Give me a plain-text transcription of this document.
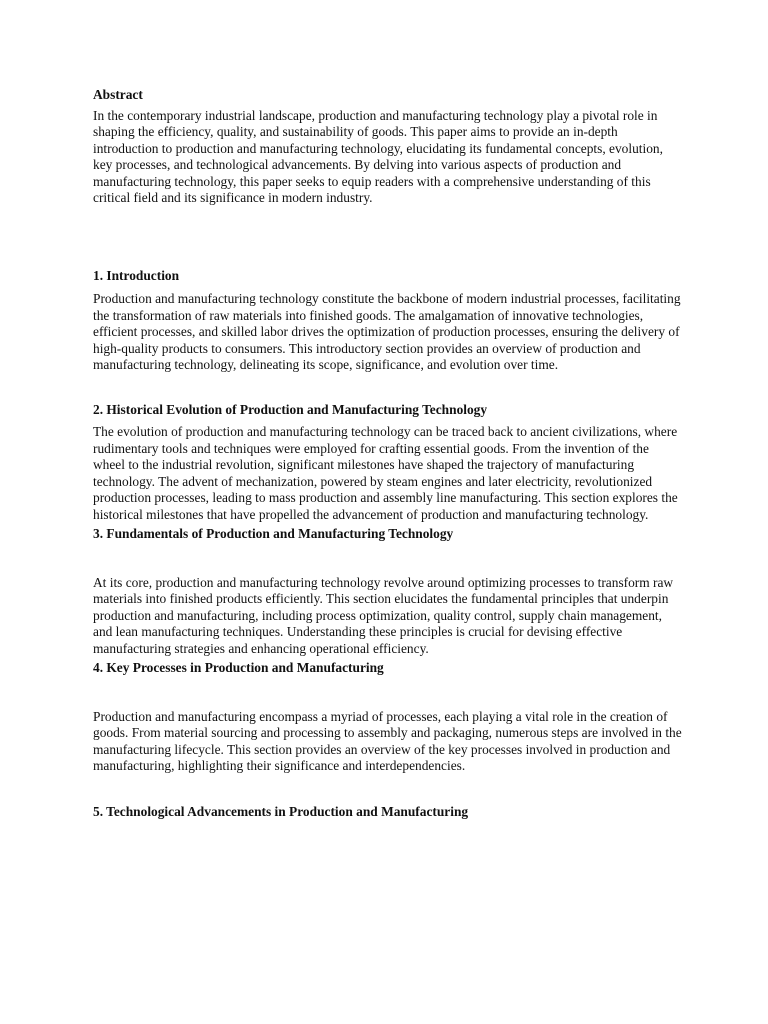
Abstract

In the contemporary industrial landscape, production and manufacturing technology play a pivotal role in shaping the efficiency, quality, and sustainability of goods. This paper aims to provide an in-depth introduction to production and manufacturing technology, elucidating its fundamental concepts, evolution, key processes, and technological advancements. By delving into various aspects of production and manufacturing technology, this paper seeks to equip readers with a comprehensive understanding of this critical field and its significance in modern industry.

1. Introduction

Production and manufacturing technology constitute the backbone of modern industrial processes, facilitating the transformation of raw materials into finished goods. The amalgamation of innovative technologies, efficient processes, and skilled labor drives the optimization of production processes, ensuring the delivery of high-quality products to consumers. This introductory section provides an overview of production and manufacturing technology, delineating its scope, significance, and evolution over time.

2. Historical Evolution of Production and Manufacturing Technology

The evolution of production and manufacturing technology can be traced back to ancient civilizations, where rudimentary tools and techniques were employed for crafting essential goods. From the invention of the wheel to the industrial revolution, significant milestones have shaped the trajectory of manufacturing technology. The advent of mechanization, powered by steam engines and later electricity, revolutionized production processes, leading to mass production and assembly line manufacturing. This section explores the historical milestones that have propelled the advancement of production and manufacturing technology.

3. Fundamentals of Production and Manufacturing Technology

At its core, production and manufacturing technology revolve around optimizing processes to transform raw materials into finished products efficiently. This section elucidates the fundamental principles that underpin production and manufacturing, including process optimization, quality control, supply chain management, and lean manufacturing techniques. Understanding these principles is crucial for devising effective manufacturing strategies and enhancing operational efficiency.

4. Key Processes in Production and Manufacturing

Production and manufacturing encompass a myriad of processes, each playing a vital role in the creation of goods. From material sourcing and processing to assembly and packaging, numerous steps are involved in the manufacturing lifecycle. This section provides an overview of the key processes involved in production and manufacturing, highlighting their significance and interdependencies.

5. Technological Advancements in Production and Manufacturing
